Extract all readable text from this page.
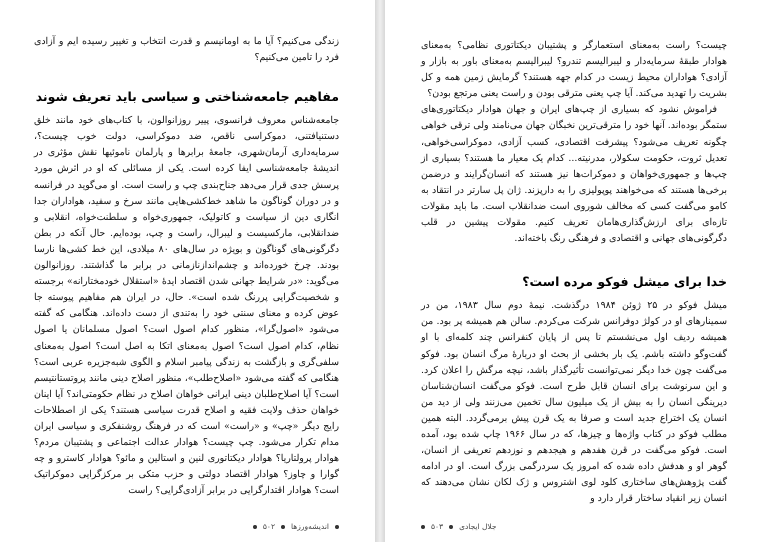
زندگی می‌کنیم؟ آیا ما به اومانیسم و قدرت انتخاب و تغییر رسیده ایم و آزادی فرد را تامین می‌کنیم؟

مفاهیم جامعه‌شناختی و سیاسی باید تعریف شوند

جامعه‌شناس معروف فرانسوی، پییر روزانوالون، با کتاب‌های خود مانند خلق دستنیافتنی، دموکراسی ناقص، ضد دموکراسی، دولت خوب چیست؟، سرمایه‌داری آرمان‌شهری، جامعهٔ برابرها و پارلمان ناموئیها نقش مؤثری در اندیشهٔ جامعه‌شناسی ایفا کرده است. یکی از مسائلی که او در اثرش مورد پرسش جدی قرار می‌دهد جناح‌بندی چپ و راست است. او می‌گوید در فرانسه و در دوران گوناگون ما شاهد خط‌کشی‌هایی مانند سرخ و سفید، هواداران جدا انگاری دین از سیاست و کاتولیک، جمهوری‌خواه و سلطنت‌خواه، انقلابی و ضدانقلابی، مارکسیست و لیبرال، راست و چپ، بوده‌ایم. حال آنکه در بطن دگرگونی‌های گوناگون و بویژه در سال‌های ۸۰ میلادی، این خط کشی‌ها نارسا بودند. چرخ خورده‌اند و چشم‌اندازنا‌زمانی در برابر ما گذاشتند. روزانوالون می‌گوید: «در شرایط جهانی شدن اقتصاد ایدهٔ «استقلال خودمختارانه» برجسته و شخصیت‌گرایی پررنگ شده است». حال، در ایران هم مفاهیم پیوسته جا عوض کرده و معنای سنتی خود را به‌تندی از دست داده‌اند. هنگامی که گفته می‌شود «اصول‌گرا»، منظور کدام اصول است؟ اصول مسلمانان یا اصول نظام، کدام اصول است؟ اصول به‌معنای اتکا به اصل است؟ اصول به‌معنای سلفی‌گری و بازگشت به زندگی پیامبر اسلام و الگوی شبه‌جزیره عربی است؟ هنگامی که گفته می‌شود «اصلاح‌طلب»، منظور اصلاح دینی مانند پروتستانتیسم است؟ آیا اصلاح‌طلبان دینی ایرانی خواهان اصلاح در نظام حکومتی‌اند؟ آیا اینان خواهان حذف ولایت فقیه و اصلاح قدرت سیاسی هستند؟ یکی از اصطلاحات رایج دیگر «چپ» و «راست» است که در فرهنگ روشنفکری و سیاسی ایران مدام تکرار می‌شود. چپ چیست؟ هوادار عدالت اجتماعی و پشتیبان مردم؟ هوادار پرولتاریا؟ هوادار دیکتاتوری لنین و استالین و مائو؟ هوادار کاسترو و چه گوارا و چاوز؟ هوادار اقتصاد دولتی و حزب متکی بر مرکزگرایی دموکراتیک است؟ هوادار اقتدارگرایی در برابر آزادی‌گرایی؟ راست

اندیشه‌ورزها
۵۰۲

چیست؟ راست به‌معنای استعمارگر و پشتیبان دیکتاتوری نظامی؟ به‌معنای هوادار طبقهٔ سرمایه‌دار و لیبرالیسم تندرو؟ لیبرالیسم به‌معنای باور به بازار و آزادی؟ هواداران محیط زیست در کدام جهه هستند؟ گرمایش زمین همه و کل بشریت را تهدید می‌کند. آیا چپ یعنی مترقی بودن و راست یعنی مرتجع بودن؟

فراموش نشود که بسیاری از چپ‌های ایران و جهان هوادار دیکتاتوری‌های ستمگر بوده‌اند. آنها خود را مترقی‌ترین نخبگان جهان می‌نامند ولی ترقی خواهی چگونه تعریف می‌شود؟ پیشرفت اقتصادی، کسب آزادی، دموکراسی‌خواهی، تعدیل ثروت، حکومت سکولار، مدرنیته... کدام یک معیار ما هستند؟ بسیاری از چپ‌ها و جمهوری‌خواهان و دموکرات‌ها نیز هستند که انسان‌گرایند و درضمن برخی‌ها هستند که می‌خواهند پوپولیزی را به دارپزند. ژان پل سارتر در انتقاد به کامو می‌گفت کسی که مخالف شوروی است ضدانقلاب است. ما باید مقولات تازه‌ای برای ارزش‌گذاری‌هامان تعریف کنیم. مقولات پیشین در قلب دگرگونی‌های جهانی و اقتصادی و فرهنگی رنگ باخته‌اند.

خدا برای میشل فوکو مرده است؟

میشل فوکو در ۲۵ ژوئن ۱۹۸۴ درگذشت. نیمهٔ دوم سال ۱۹۸۳، من در سمینارهای او در کولژ دوفرانس شرکت می‌کردم. سالن هم همیشه پر بود. من همیشه ردیف اول می‌نشستم تا پس از پایان کنفرانس چند کلمه‌ای با او گفت‌وگو داشته باشم. یک بار بخشی از بحث او دربارهٔ مرگ انسان بود. فوکو می‌گفت چون خدا دیگر نمی‌توانست تأثیرگذار باشد، نیچه مرگش را اعلان کرد. و این سرنوشت برای انسان قابل طرح است. فوکو می‌گفت انسان‌شناسان دیرینگی انسان را به بیش از یک میلیون سال تخمین می‌زنند ولی از دید من انسان یک اختراع جدید است و صرفا به یک قرن پیش برمی‌گردد. البته همین مطلب فوکو در کتاب واژه‌ها و چیزها، که در سال ۱۹۶۶ چاپ شده بود، آمده است. فوکو می‌گفت در قرن هفدهم و هیجدهم و نوزدهم تعریفی از انسان، گوهر او و هدفش داده شده که امروز یک سردرگمی بزرگ است. او در ادامه گفت پژوهش‌های ساختاری کلود لوی اشتروس و ژک لکان نشان می‌دهند که انسان زیر انقیاد ساختار قرار دارد و

۵۰۳ جلال ایجادی
